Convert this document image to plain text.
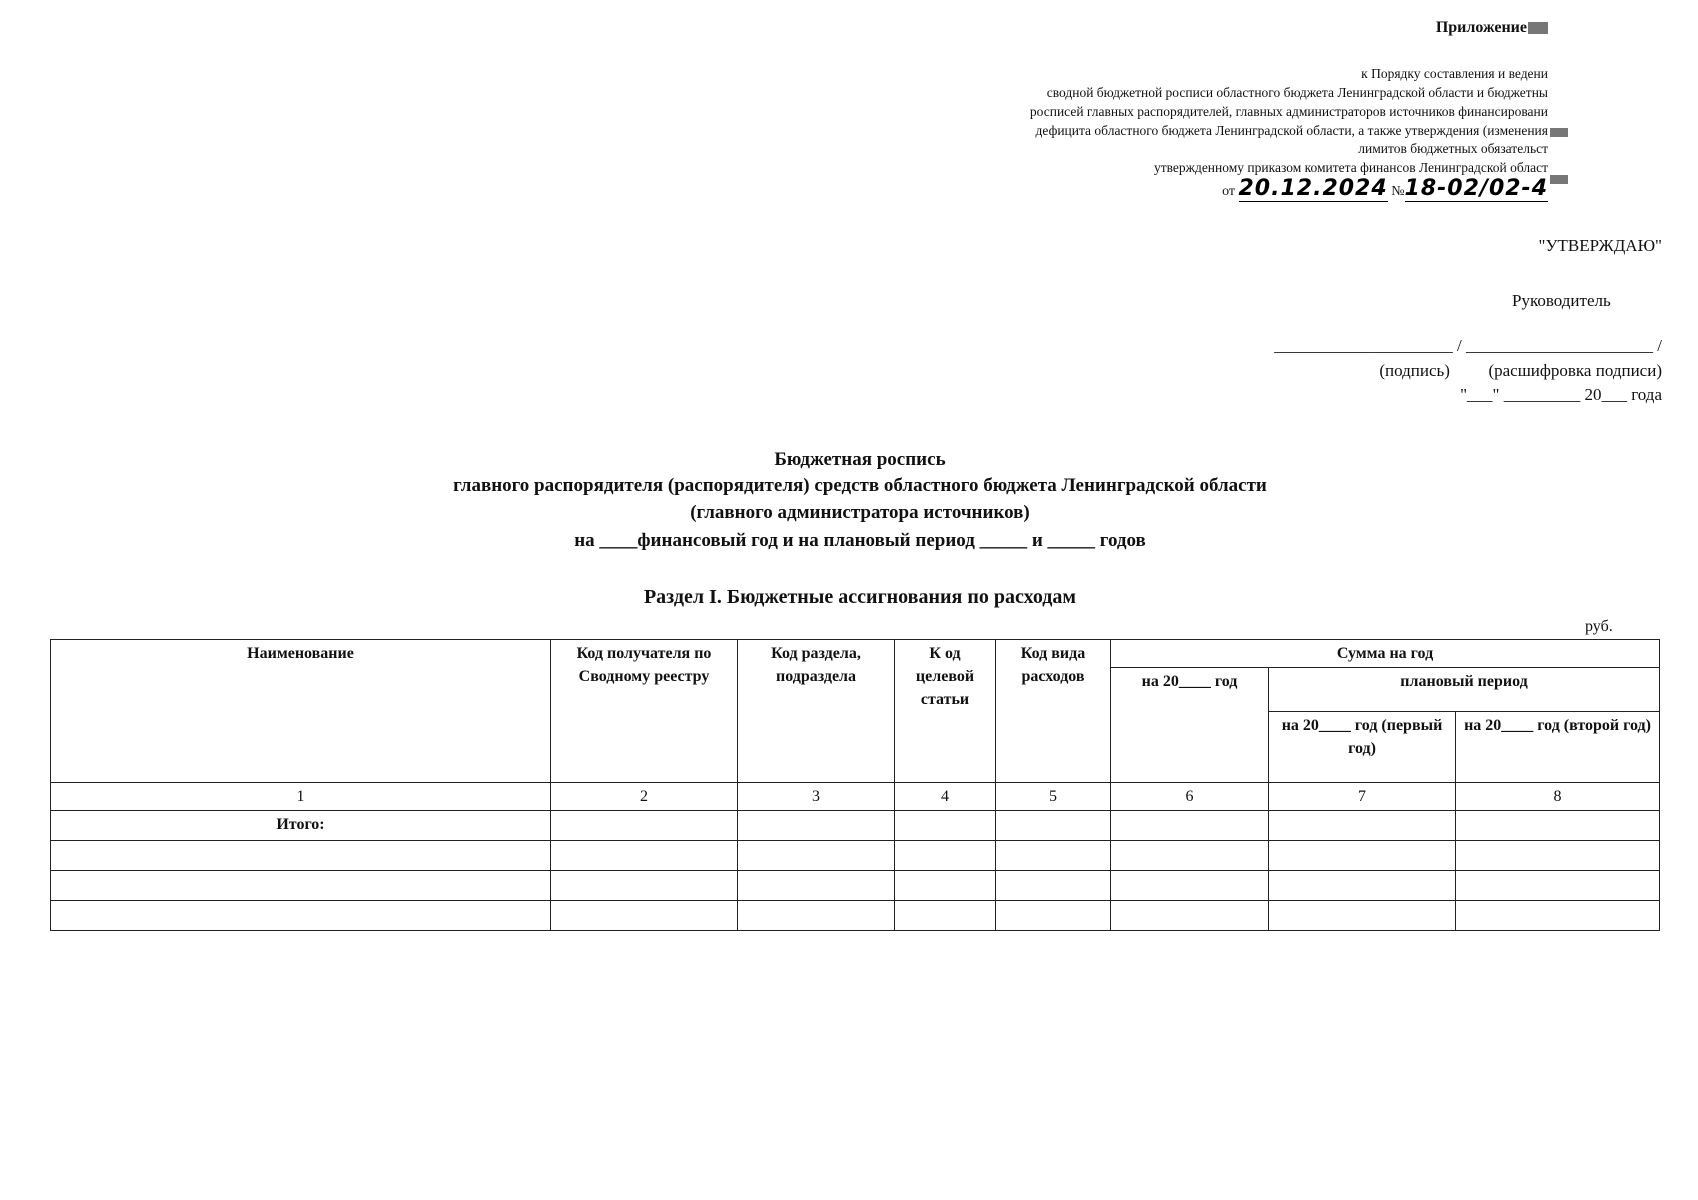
Приложение
к Порядку составления и ведени
сводной бюджетной росписи областного бюджета Ленинградской области и бюджетны
росписей главных распорядителей, главных администраторов источников финансировани
дефицита областного бюджета Ленинградской области, а также утверждения (изменения
лимитов бюджетных обязательст
утвержденному приказом комитета финансов Ленинградской област
от 20.12.2024 №18-02/02-4
"УТВЕРЖДАЮ"
Руководитель
_____________________ / ______________________ /
(подпись) (расшифровка подписи)
"___" _________ 20___ года
Бюджетная роспись
главного распорядителя (распорядителя) средств областного бюджета Ленинградской области
(главного администратора источников)
на ____финансовый год и на плановый период _____ и _____ годов
Раздел I. Бюджетные ассигнования по расходам
руб.
Наименование	Код получателя по Сводному реестру	Код раздела, подраздела	К од целевой статьи	Код вида расходов	Сумма на год		
					на 20____ год	плановый период	
						на 20____ год (первый год)	на 20____ год (второй год)
1	2	3	4	5	6	7	8
Итого:							
